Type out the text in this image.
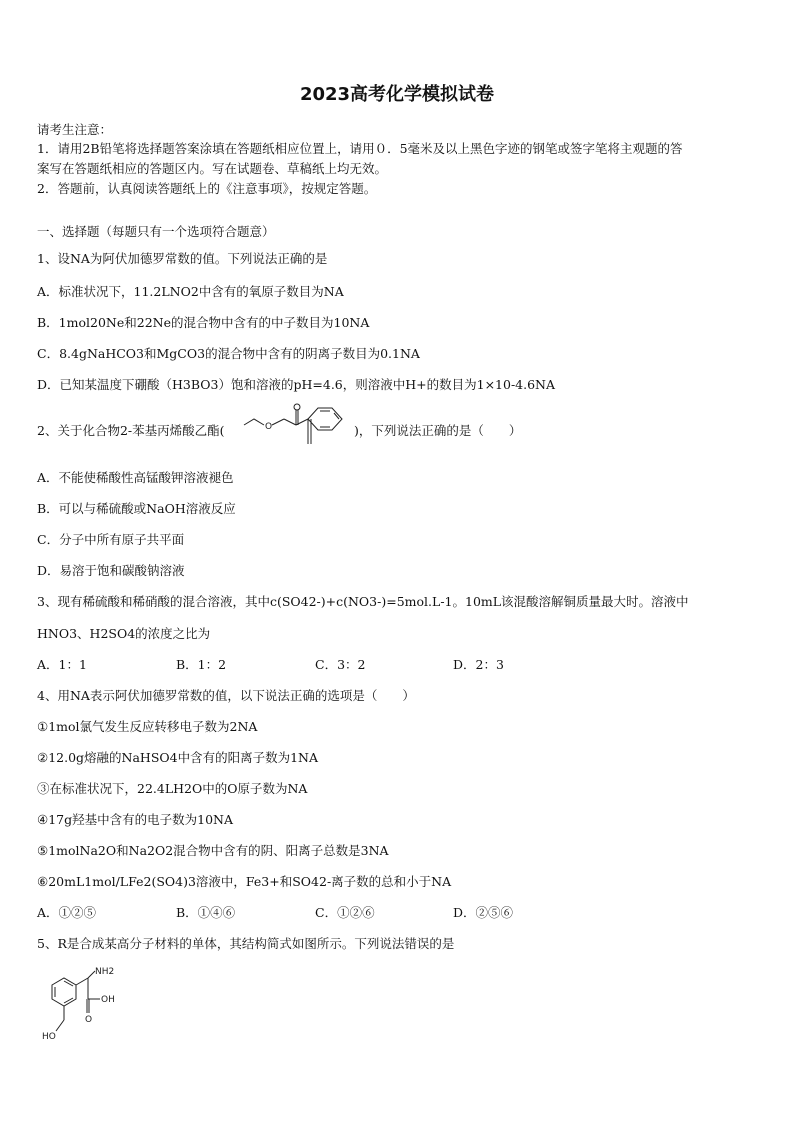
2023高考化学模拟试卷
请考生注意：
1．请用2B铅笔将选择题答案涂填在答题纸相应位置上，请用０．5毫米及以上黑色字迹的钢笔或签字笔将主观题的答
案写在答题纸相应的答题区内。写在试题卷、草稿纸上均无效。
2．答题前，认真阅读答题纸上的《注意事项》，按规定答题。
一、选择题（每题只有一个选项符合题意）
1、设NA为阿伏加德罗常数的值。下列说法正确的是
A．标准状况下，11.2LNO2中含有的氧原子数目为NA
B．1mol20Ne和22Ne的混合物中含有的中子数目为10NA
C．8.4gNaHCO3和MgCO3的混合物中含有的阴离子数目为0.1NA
D．已知某温度下硼酸（H3BO3）饱和溶液的pH=4.6，则溶液中H+的数目为1×10-4.6NA
2、关于化合物2-苯基丙烯酸乙酯(	O	)，下列说法正确的是（　　）
A．不能使稀酸性高锰酸钾溶液褪色
B．可以与稀硫酸或NaOH溶液反应
C．分子中所有原子共平面
D．易溶于饱和碳酸钠溶液
3、现有稀硫酸和稀硝酸的混合溶液，其中c(SO42-)+c(NO3-)=5mol.L-1。10mL该混酸溶解铜质量最大时。溶液中
HNO3、H2SO4的浓度之比为
A．1：1	B．1：2	C．3：2	D．2：3
4、用NA表示阿伏加德罗常数的值，以下说法正确的选项是（　　）
①1mol氯气发生反应转移电子数为2NA
②12.0g熔融的NaHSO4中含有的阳离子数为1NA
③在标准状况下，22.4LH2O中的O原子数为NA
④17g羟基中含有的电子数为10NA
⑤1molNa2O和Na2O2混合物中含有的阴、阳离子总数是3NA
⑥20mL1mol/LFe2(SO4)3溶液中，Fe3+和SO42-离子数的总和小于NA
A．①②⑤	B．①④⑥	C．①②⑥	D．②⑤⑥
5、R是合成某高分子材料的单体，其结构简式如图所示。下列说法错误的是
NH2
OH
O
HO
